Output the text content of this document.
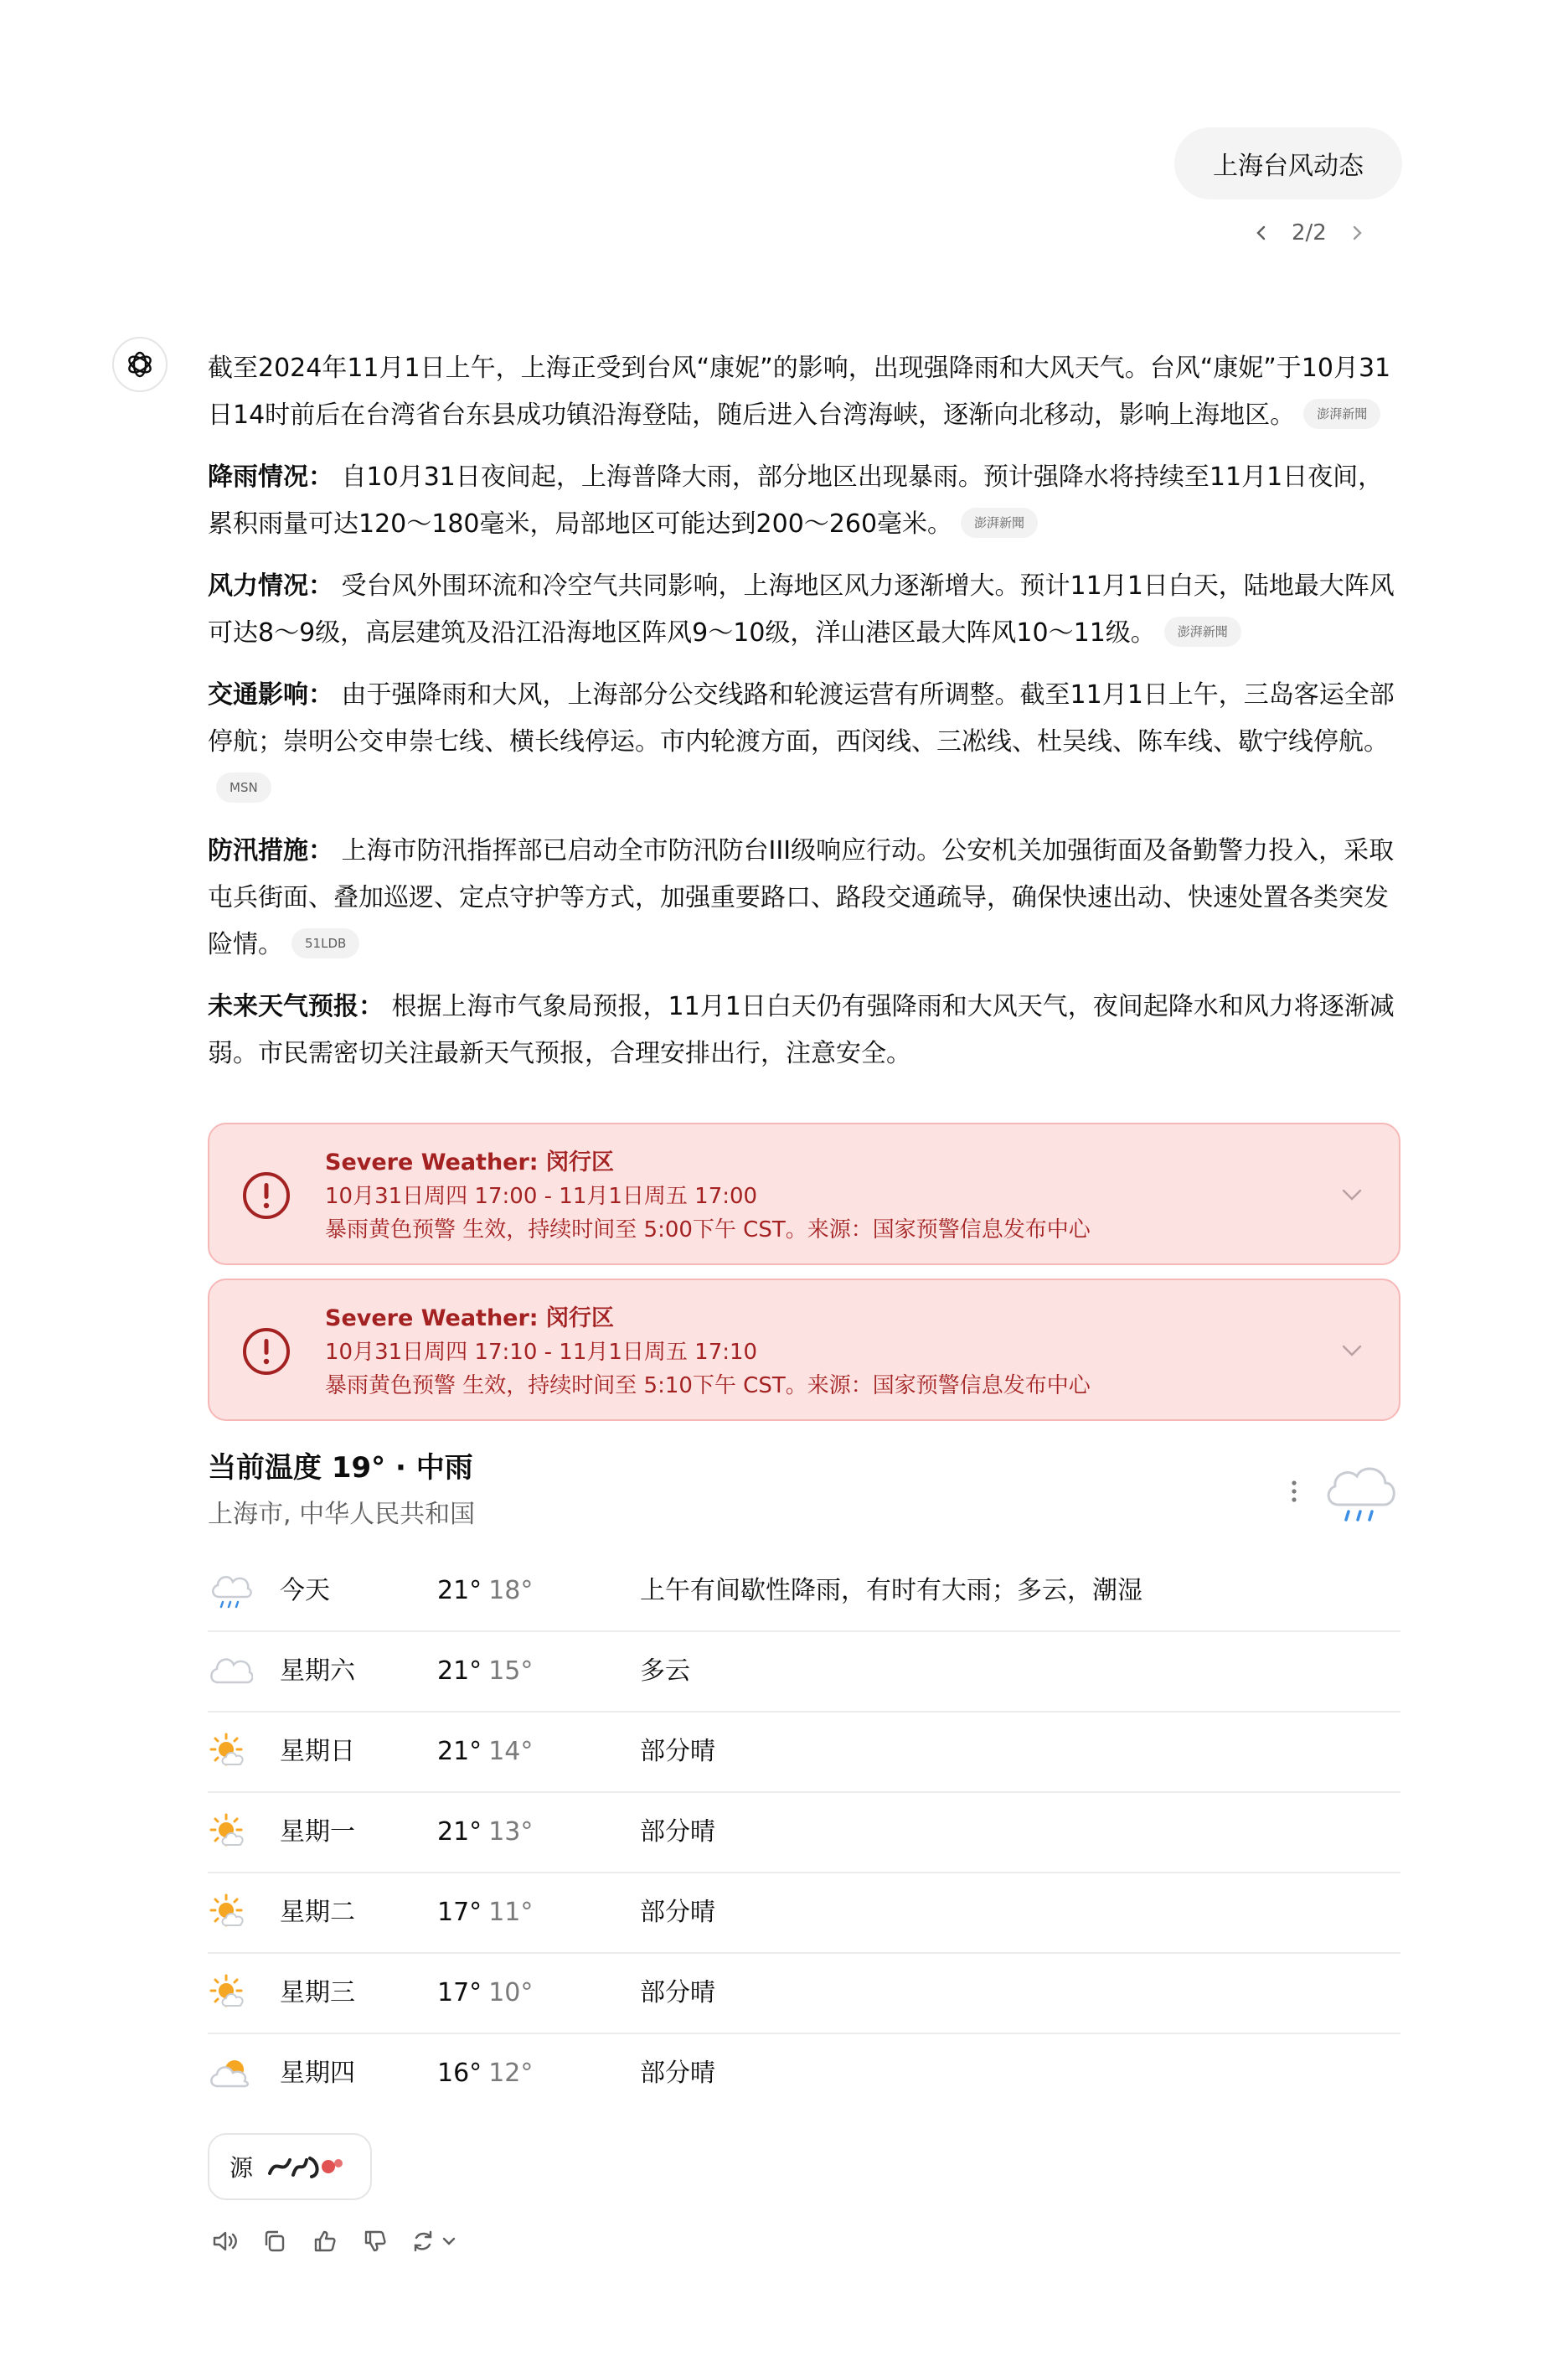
上海台风动态
2/2

截至2024年11月1日上午，上海正受到台风“康妮”的影响，出现强降雨和大风天气。台风“康妮”于10月31日14时前后在台湾省台东县成功镇沿海登陆，随后进入台湾海峡，逐渐向北移动，影响上海地区。 澎湃新聞

降雨情况： 自10月31日夜间起，上海普降大雨，部分地区出现暴雨。预计强降水将持续至11月1日夜间，累积雨量可达120～180毫米，局部地区可能达到200～260毫米。 澎湃新聞

风力情况： 受台风外围环流和冷空气共同影响，上海地区风力逐渐增大。预计11月1日白天，陆地最大阵风可达8～9级，高层建筑及沿江沿海地区阵风9～10级，洋山港区最大阵风10～11级。 澎湃新聞

交通影响： 由于强降雨和大风，上海部分公交线路和轮渡运营有所调整。截至11月1日上午，三岛客运全部停航；崇明公交申崇七线、横长线停运。市内轮渡方面，西闵线、三凇线、杜吴线、陈车线、歇宁线停航。MSN

防汛措施： 上海市防汛指挥部已启动全市防汛防台III级响应行动。公安机关加强街面及备勤警力投入，采取屯兵街面、叠加巡逻、定点守护等方式，加强重要路口、路段交通疏导，确保快速出动、快速处置各类突发险情。 51LDB

未来天气预报： 根据上海市气象局预报，11月1日白天仍有强降雨和大风天气，夜间起降水和风力将逐渐减弱。市民需密切关注最新天气预报，合理安排出行，注意安全。

Severe Weather: 闵行区
10月31日周四 17:00 - 11月1日周五 17:00
暴雨黄色预警 生效，持续时间至 5:00下午 CST。来源：国家预警信息发布中心
Severe Weather: 闵行区
10月31日周四 17:10 - 11月1日周五 17:10
暴雨黄色预警 生效，持续时间至 5:10下午 CST。来源：国家预警信息发布中心
当前温度 19° · 中雨
上海市, 中华人民共和国
今天	21° 18°	上午有间歇性降雨，有时有大雨；多云，潮湿
星期六	21° 15°	多云
星期日	21° 14°	部分晴
星期一	21° 13°	部分晴
星期二	17° 11°	部分晴
星期三	17° 10°	部分晴
星期四	16° 12°	部分晴
源
